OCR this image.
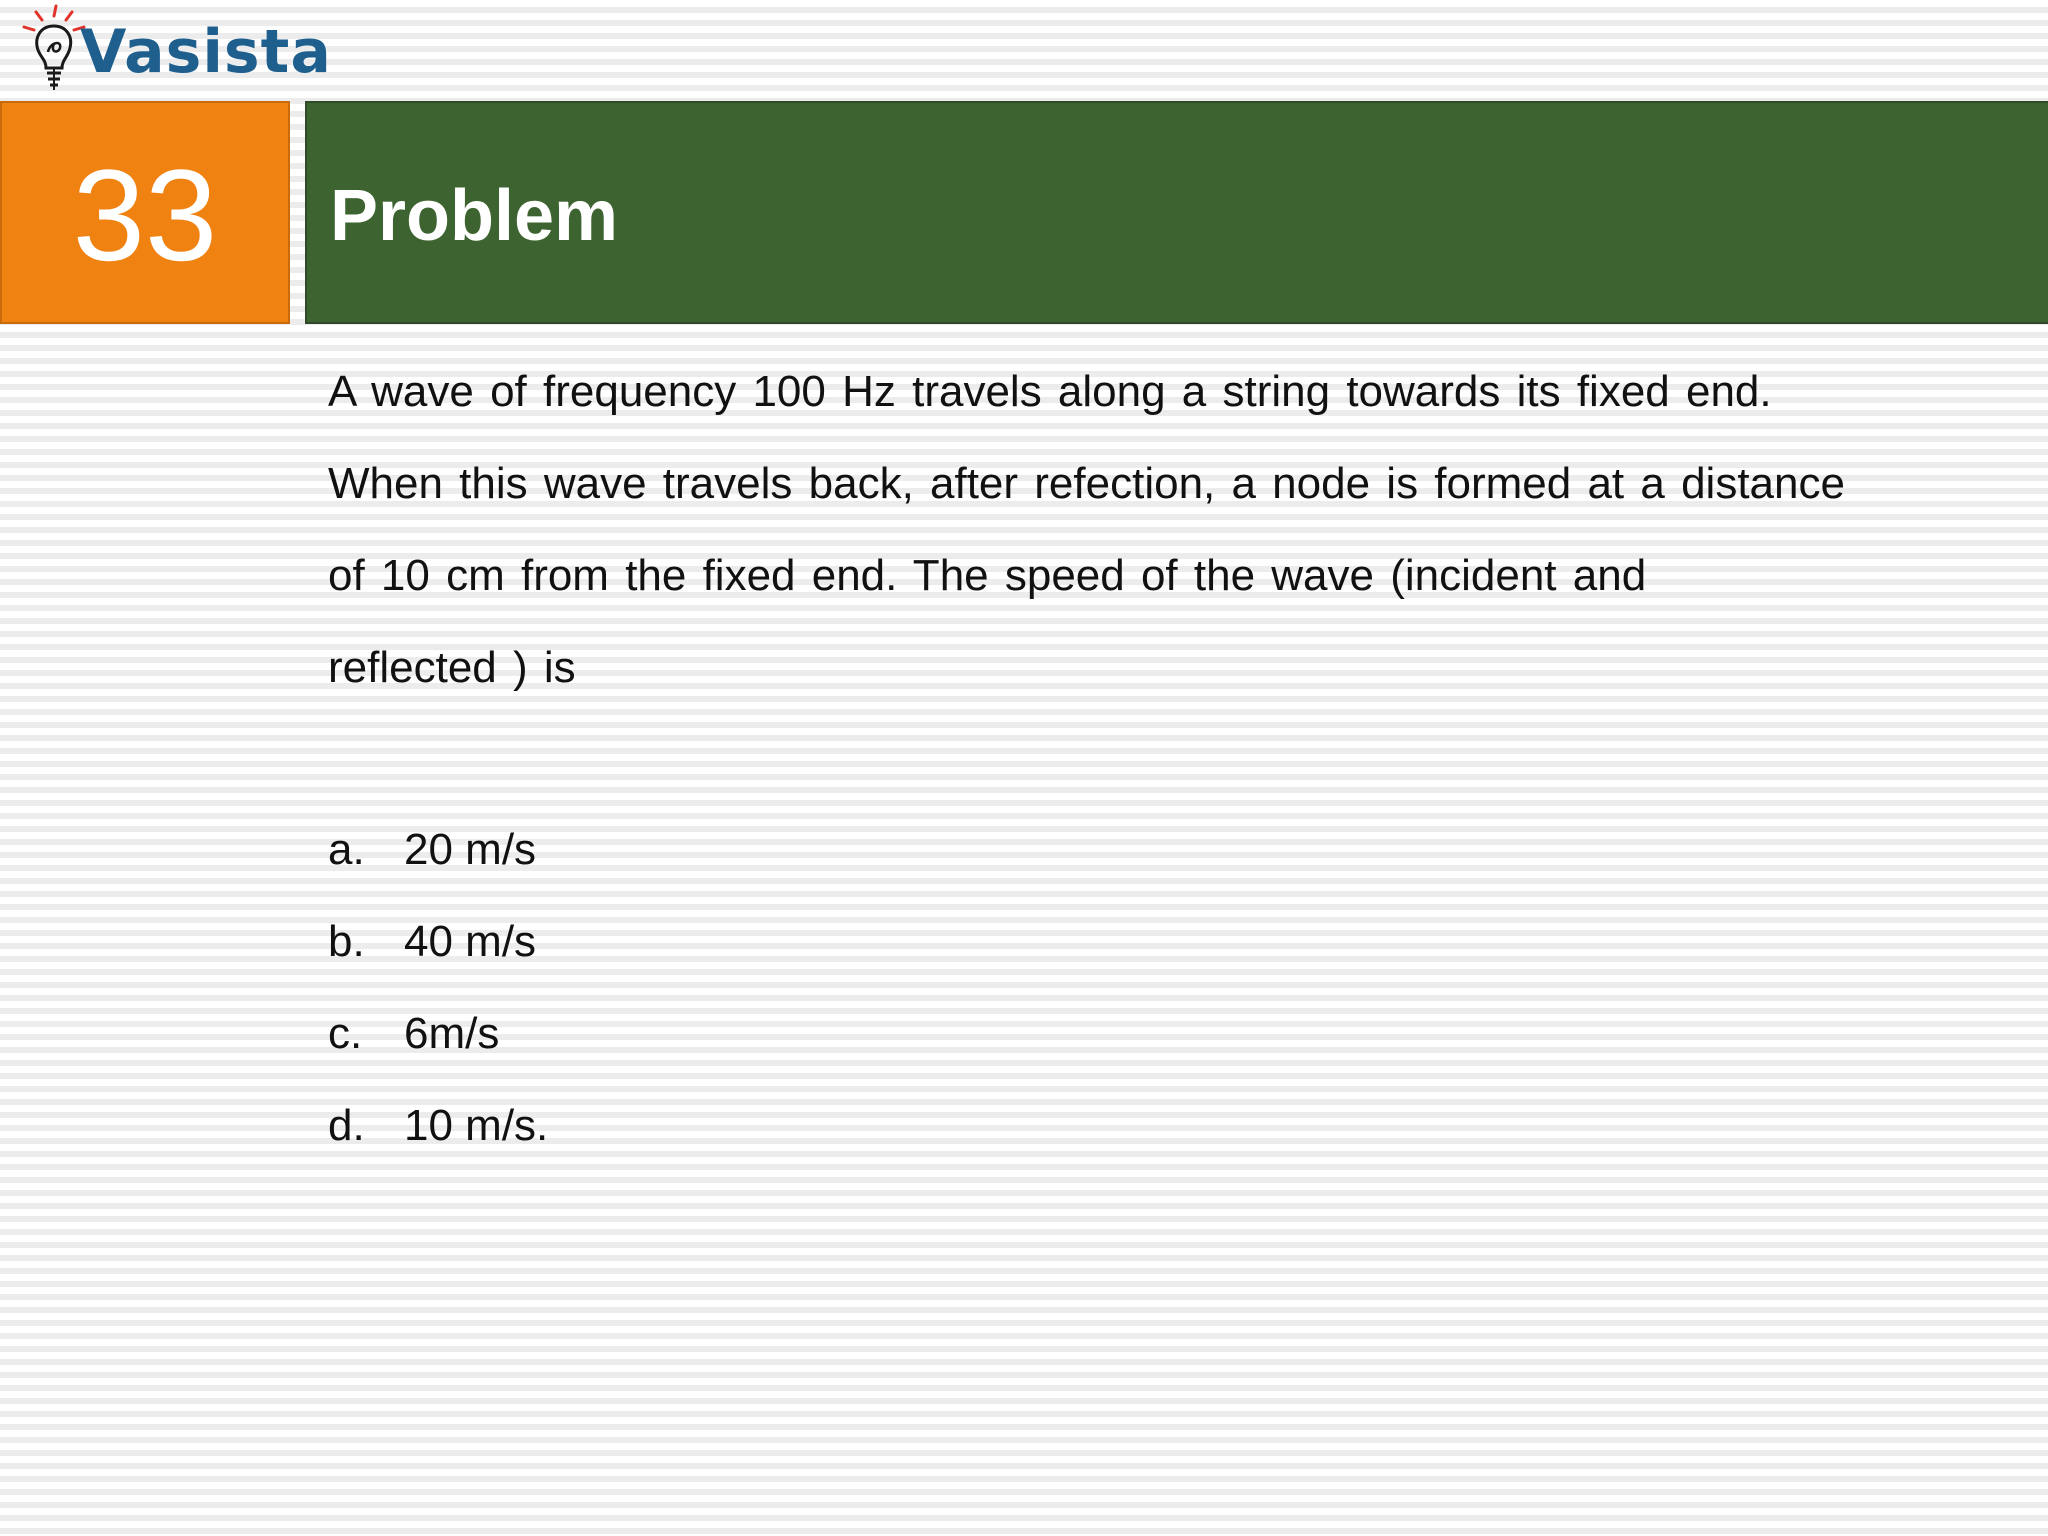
Vasista
33 Problem

A wave of frequency 100 Hz travels along a string towards its fixed end.

When this wave travels back, after refection, a node is formed at a distance

of 10 cm from the fixed end. The speed of the wave (incident and

reflected ) is

a. 20 m/s
b. 40 m/s
c. 6m/s
d. 10 m/s.
